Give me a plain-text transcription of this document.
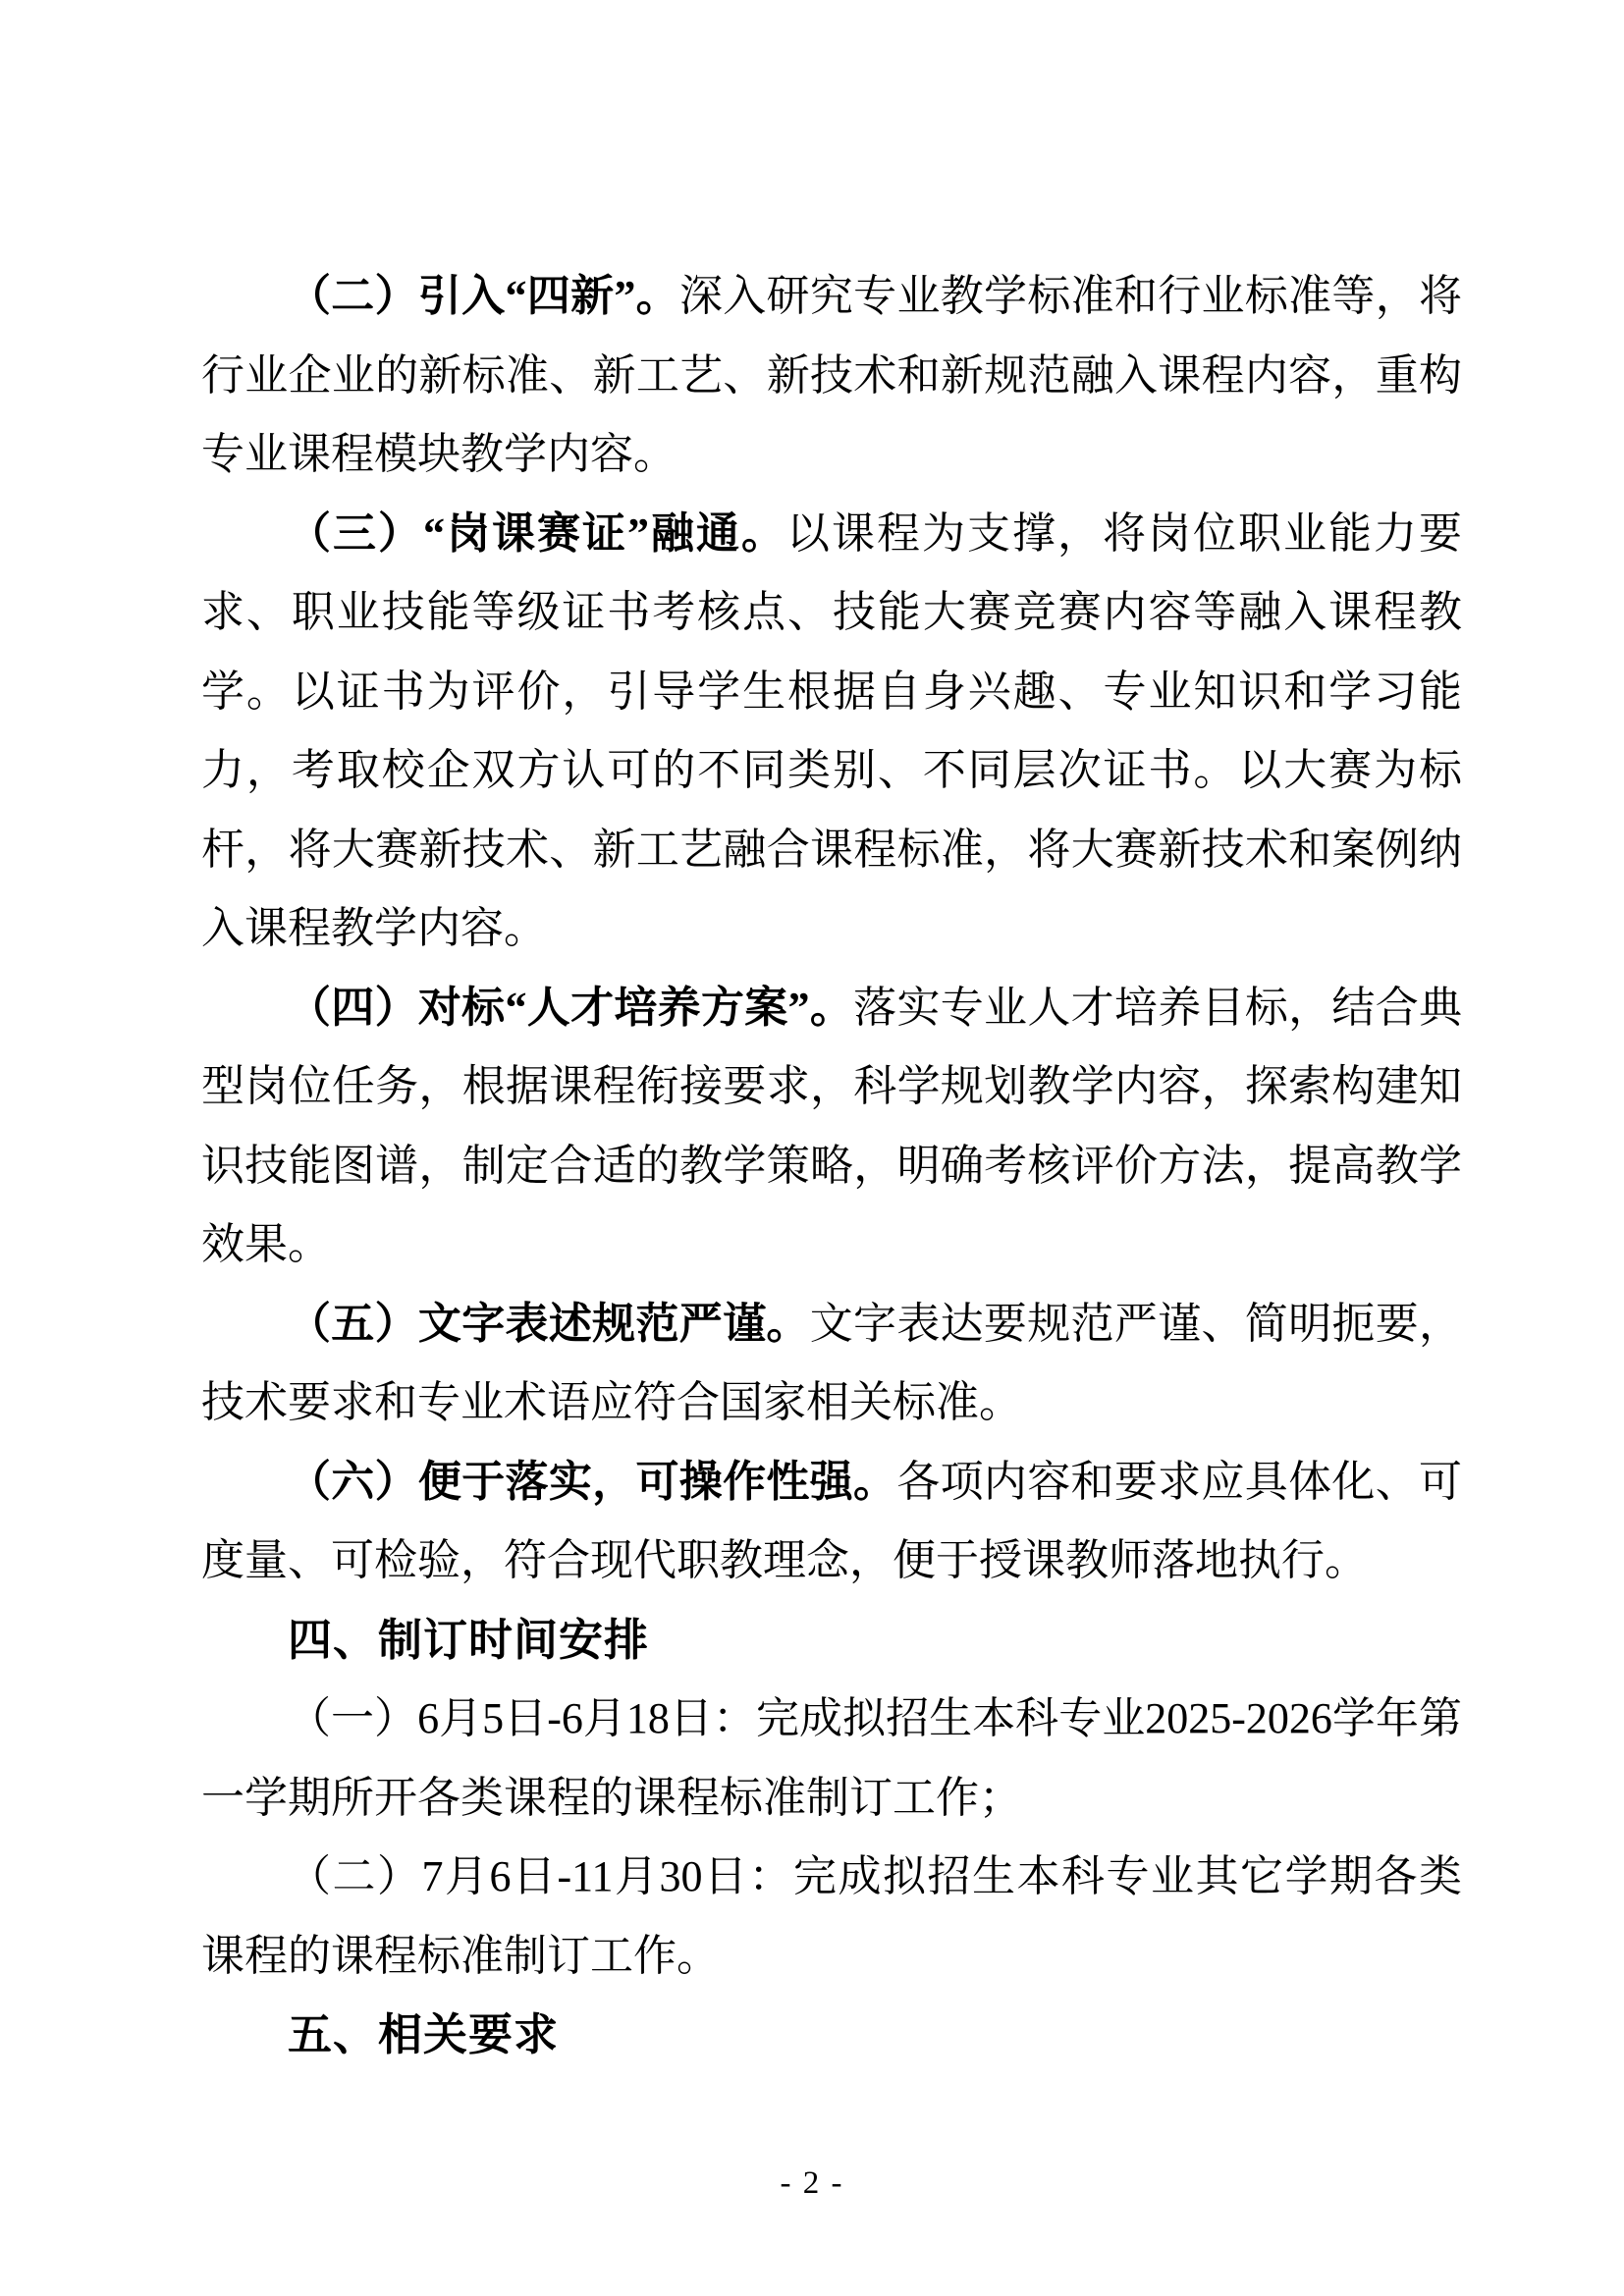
（二）引入“四新”。深入研究专业教学标准和行业标准等，将行业企业的新标准、新工艺、新技术和新规范融入课程内容，重构专业课程模块教学内容。

（三）“岗课赛证”融通。以课程为支撑，将岗位职业能力要求、职业技能等级证书考核点、技能大赛竞赛内容等融入课程教学。以证书为评价，引导学生根据自身兴趣、专业知识和学习能力，考取校企双方认可的不同类别、不同层次证书。以大赛为标杆，将大赛新技术、新工艺融合课程标准，将大赛新技术和案例纳入课程教学内容。

（四）对标“人才培养方案”。落实专业人才培养目标，结合典型岗位任务，根据课程衔接要求，科学规划教学内容，探索构建知识技能图谱，制定合适的教学策略，明确考核评价方法，提高教学效果。

（五）文字表述规范严谨。文字表达要规范严谨、简明扼要，技术要求和专业术语应符合国家相关标准。

（六）便于落实，可操作性强。各项内容和要求应具体化、可度量、可检验，符合现代职教理念，便于授课教师落地执行。

四、制订时间安排

（一）6月5日-6月18日：完成拟招生本科专业2025-2026学年第一学期所开各类课程的课程标准制订工作；

（二）7月6日-11月30日：完成拟招生本科专业其它学期各类课程的课程标准制订工作。

五、相关要求
- 2 -
